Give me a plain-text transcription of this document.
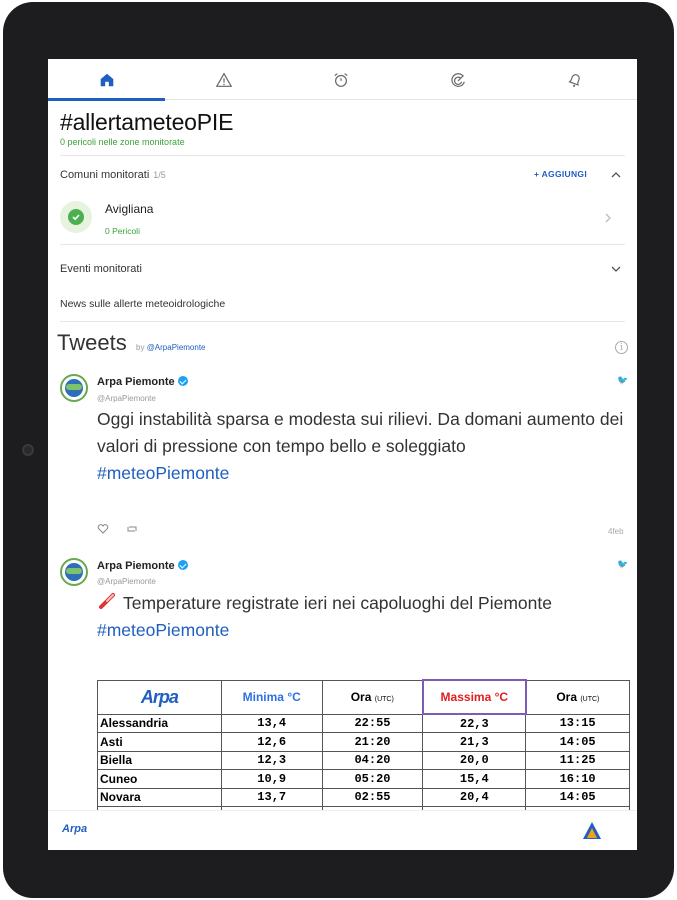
#allertameteoPIE
0 pericoli nelle zone monitorate
Comuni monitorati 1/5	+ AGGIUNGI
Avigliana
0 Pericoli
Eventi monitorati
News sulle allerte meteoidrologiche
Tweets by @ArpaPiemonte	i
Arpa Piemonte
@ArpaPiemonte
🐦
Oggi instabilità sparsa e modesta sui rilievi. Da domani aumento dei valori di pressione con tempo bello e soleggiato
#meteoPiemonte
4feb
Arpa Piemonte
@ArpaPiemonte
🐦
Temperature registrate ieri nei capoluoghi del Piemonte
#meteoPiemonte
Arpa	Minima °C	Ora (UTC)	Massima °C	Ora (UTC)
Alessandria	13,4	22:55	22,3	13:15
Asti	12,6	21:20	21,3	14:05
Biella	12,3	04:20	20,0	11:25
Cuneo	10,9	05:20	15,4	16:10
Novara	13,7	02:55	20,4	14:05

Arpa
